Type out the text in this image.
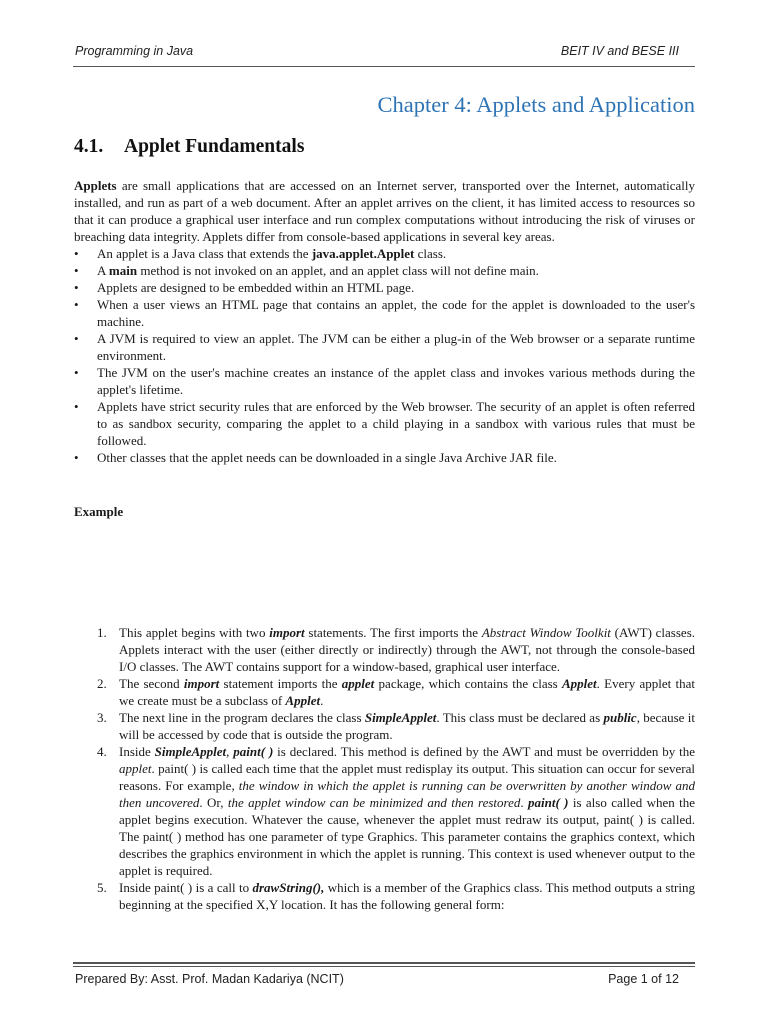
Programming in Java	BEIT IV and BESE III
Chapter 4: Applets and Application
4.1. Applet Fundamentals
Applets are small applications that are accessed on an Internet server, transported over the Internet, automatically installed, and run as part of a web document. After an applet arrives on the client, it has limited access to resources so that it can produce a graphical user interface and run complex computations without introducing the risk of viruses or breaching data integrity. Applets differ from console-based applications in several key areas.
• An applet is a Java class that extends the java.applet.Applet class.
• A main method is not invoked on an applet, and an applet class will not define main.
• Applets are designed to be embedded within an HTML page.
• When a user views an HTML page that contains an applet, the code for the applet is downloaded to the user's machine.
• A JVM is required to view an applet. The JVM can be either a plug-in of the Web browser or a separate runtime environment.
• The JVM on the user's machine creates an instance of the applet class and invokes various methods during the applet's lifetime.
• Applets have strict security rules that are enforced by the Web browser. The security of an applet is often referred to as sandbox security, comparing the applet to a child playing in a sandbox with various rules that must be followed.
• Other classes that the applet needs can be downloaded in a single Java Archive JAR file.
Example
1. This applet begins with two import statements. The first imports the Abstract Window Toolkit (AWT) classes. Applets interact with the user (either directly or indirectly) through the AWT, not through the console-based I/O classes. The AWT contains support for a window-based, graphical user interface.
2. The second import statement imports the applet package, which contains the class Applet. Every applet that we create must be a subclass of Applet.
3. The next line in the program declares the class SimpleApplet. This class must be declared as public, because it will be accessed by code that is outside the program.
4. Inside SimpleApplet, paint( ) is declared. This method is defined by the AWT and must be overridden by the applet. paint( ) is called each time that the applet must redisplay its output. This situation can occur for several reasons. For example, the window in which the applet is running can be overwritten by another window and then uncovered. Or, the applet window can be minimized and then restored. paint( ) is also called when the applet begins execution. Whatever the cause, whenever the applet must redraw its output, paint( ) is called. The paint( ) method has one parameter of type Graphics. This parameter contains the graphics context, which describes the graphics environment in which the applet is running. This context is used whenever output to the applet is required.
5. Inside paint( ) is a call to drawString(), which is a member of the Graphics class. This method outputs a string beginning at the specified X,Y location. It has the following general form:
Prepared By: Asst. Prof. Madan Kadariya (NCIT)	Page 1 of 12
